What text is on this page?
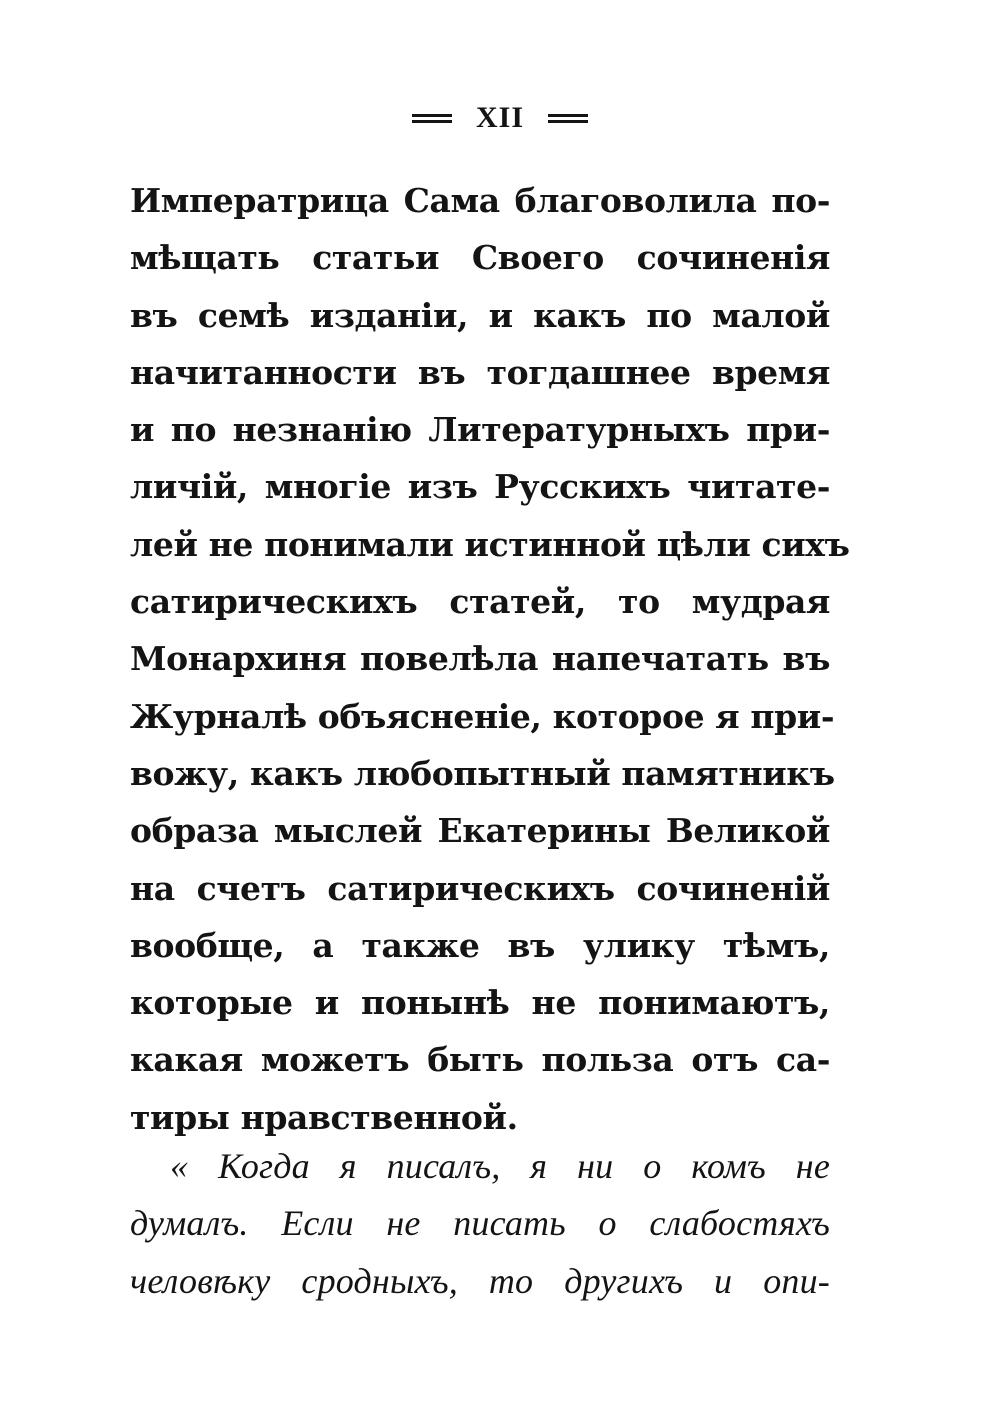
XII
Императрица Сама благоволила по-
мѣщать статьи Своего сочиненія
въ семѣ изданіи, и какъ по малой
начитанности въ тогдашнее время
и по незнанію Литературныхъ при-
личій, многіе изъ Русскихъ читате-
лей не понимали истинной цѣли сихъ
сатирическихъ статей, то мудрая
Монархиня повелѣла напечатать въ
Журналѣ объясненіе, которое я при-
вожу, какъ любопытный памятникъ
образа мыслей Екатерины Великой
на счетъ сатирическихъ сочиненій
вообще, а также въ улику тѣмъ,
которые и понынѣ не понимаютъ,
какая можетъ быть польза отъ са-
тиры нравственной.
« Когда я писалъ, я ни о комъ не
думалъ. Если не писать о слабостяхъ
человѣку сродныхъ, то другихъ и опи-
